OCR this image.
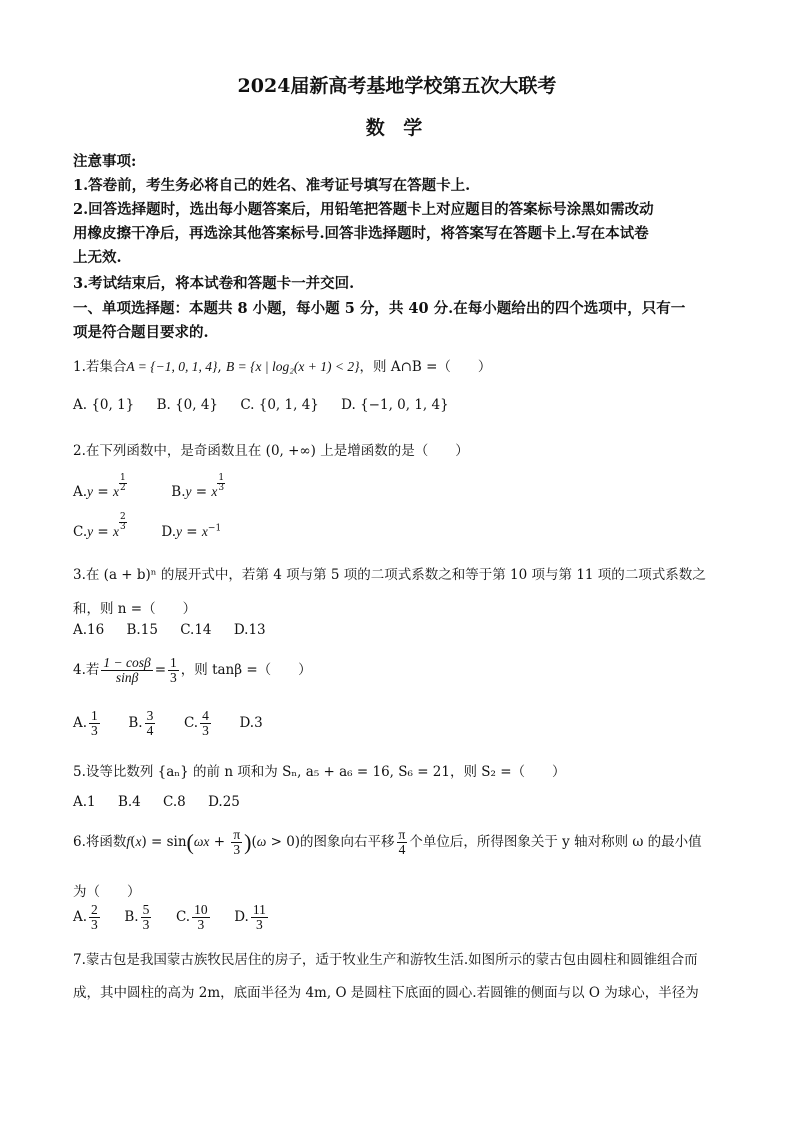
2024届新高考基地学校第五次大联考
数 学
注意事项:
1.答卷前，考生务必将自己的姓名、准考证号填写在答题卡上.
2.回答选择题时，选出每小题答案后，用铅笔把答题卡上对应题目的答案标号涂黑如需改动
用橡皮擦干净后，再选涂其他答案标号.回答非选择题时，将答案写在答题卡上.写在本试卷
上无效.
3.考试结束后，将本试卷和答题卡一并交回.
一、单项选择题：本题共 8 小题，每小题 5 分，共 40 分.在每小题给出的四个选项中，只有一
项是符合题目要求的.
1.若集合A = {−1, 0, 1, 4}, B = {x | log₂(x + 1) < 2}，则 A∩B =（　　）
A. {0, 1} B. {0, 4} C. {0, 1, 4} D. {−1, 0, 1, 4}
2.在下列函数中，是奇函数且在 (0, +∞) 上是增函数的是（　　）
A.y = x $\frac{1}{2}$	B.y = x $\frac{1}{3}$
C.y = x $\frac{2}{3}$	$D.y = x^{-1}$
3.在 (a + b)ⁿ 的展开式中，若第 4 项与第 5 项的二项式系数之和等于第 10 项与第 11 项的二项式系数之
和，则 n =（　　）
A.16 B.15 C.14 D.13
4.若 $\frac{1 - \cos\beta}{\sin\beta} = \frac{1}{3}$ ，则 tanβ =（　　）
A. $\frac{1}{3} B$. $\frac{3}{4} C$. $\frac{4}{3} D.3$
5.设等比数列 {aₙ} 的前 n 项和为 Sₙ, a₅ + a₆ = 16, S₆ = 21，则 S₂ =（　　）
A.1 B.4 C.8 D.25
6.将函数$f(x) = \sin(\omega x + \frac{\pi}{3} )(\omega > 0)$的图象向右平移 $\frac{\pi}{4}$ 个单位后，所得图象关于 y 轴对称则 ω 的最小值
为（　　）
A. $\frac{2}{3} B$. $\frac{5}{3} C$. $\frac{10}{3} D$. $\frac{11}{3}$
7.蒙古包是我国蒙古族牧民居住的房子，适于牧业生产和游牧生活.如图所示的蒙古包由圆柱和圆锥组合而
成，其中圆柱的高为 2m，底面半径为 4m, O 是圆柱下底面的圆心.若圆锥的侧面与以 O 为球心，半径为
